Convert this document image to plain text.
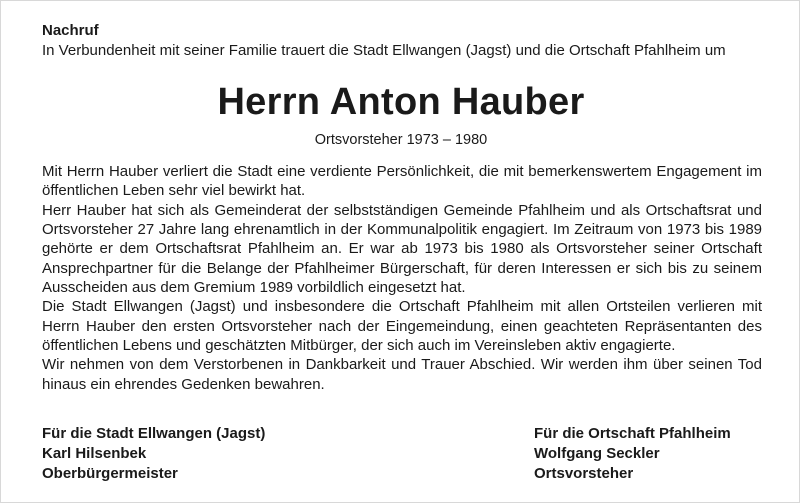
Nachruf
In Verbundenheit mit seiner Familie trauert die Stadt Ellwangen (Jagst) und die Ortschaft Pfahlheim um
Herrn Anton Hauber
Ortsvorsteher 1973 – 1980

Mit Herrn Hauber verliert die Stadt eine verdiente Persönlichkeit, die mit bemerkenswertem Engagement im öffentlichen Leben sehr viel bewirkt hat.

Herr Hauber hat sich als Gemeinderat der selbstständigen Gemeinde Pfahlheim und als Ortschaftsrat und Ortsvorsteher 27 Jahre lang ehrenamtlich in der Kommunalpolitik engagiert. Im Zeitraum von 1973 bis 1989 gehörte er dem Ortschaftsrat Pfahlheim an. Er war ab 1973 bis 1980 als Ortsvorsteher seiner Ortschaft Ansprechpartner für die Belange der Pfahlheimer Bürgerschaft, für deren Interessen er sich bis zu seinem Ausscheiden aus dem Gremium 1989 vorbildlich eingesetzt hat.

Die Stadt Ellwangen (Jagst) und insbesondere die Ortschaft Pfahlheim mit allen Ortsteilen verlieren mit Herrn Hauber den ersten Ortsvorsteher nach der Eingemeindung, einen geachteten Repräsentanten des öffentlichen Lebens und geschätzten Mitbürger, der sich auch im Vereinsleben aktiv engagierte.

Wir nehmen von dem Verstorbenen in Dankbarkeit und Trauer Abschied. Wir werden ihm über seinen Tod hinaus ein ehrendes Gedenken bewahren.

Für die Stadt Ellwangen (Jagst)
Karl Hilsenbek
Oberbürgermeister
Für die Ortschaft Pfahlheim
Wolfgang Seckler
Ortsvorsteher
